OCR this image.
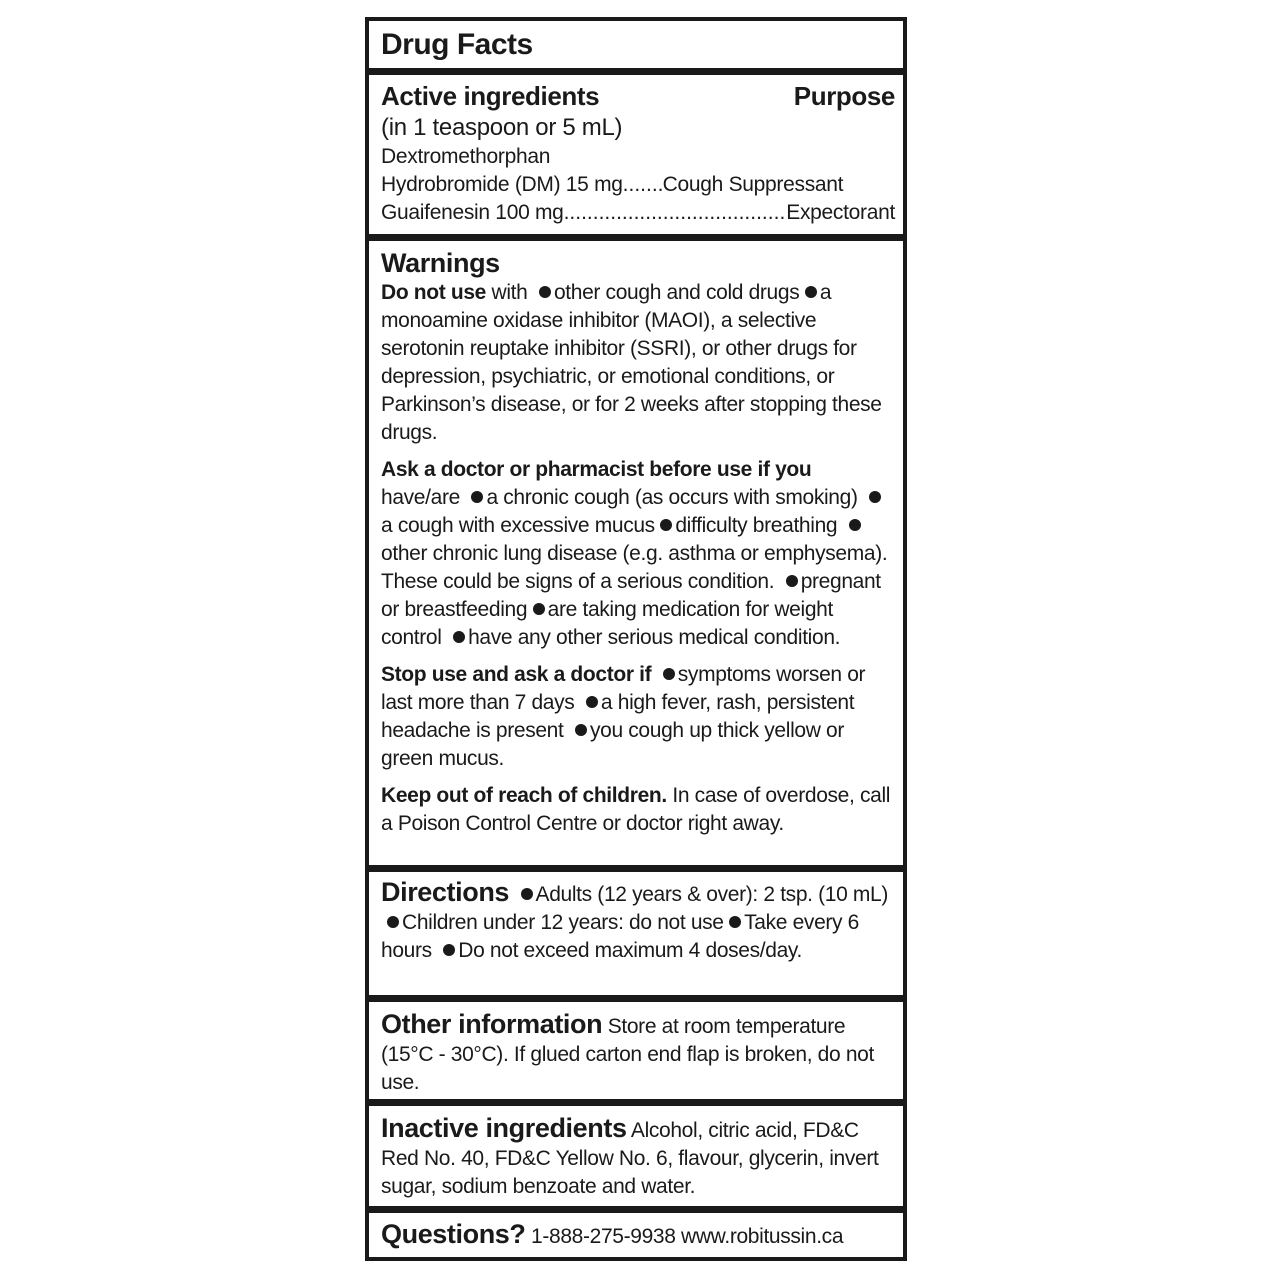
Drug Facts
Active ingredients	Purpose
(in 1 teaspoon or 5 mL)
Dextromethorphan
Hydrobromide (DM) 15 mg ..... Cough Suppressant
Guaifenesin 100 mg .....	Expectorant
Warnings

Do not use with other cough and cold drugs a monoamine oxidase inhibitor (MAOI), a selective serotonin reuptake inhibitor (SSRI), or other drugs for depression, psychiatric, or emotional conditions, or Parkinson’s disease, or for 2 weeks after stopping these drugs.

Ask a doctor or pharmacist before use if you have/are a chronic cough (as occurs with smoking) a cough with excessive mucus difficulty breathing other chronic lung disease (e.g. asthma or emphysema). These could be signs of a serious condition. pregnant or breastfeeding are taking medication for weight control have any other serious medical condition.

Stop use and ask a doctor if symptoms worsen or last more than 7 days a high fever, rash, persistent headache is present you cough up thick yellow or green mucus.

Keep out of reach of children. In case of overdose, call a Poison Control Centre or doctor right away.

Directions Adults (12 years & over): 2 tsp. (10 mL) Children under 12 years: do not use Take every 6 hours Do not exceed maximum 4 doses/day.

Other information Store at room temperature (15°C - 30°C). If glued carton end flap is broken, do not use.

Inactive ingredients Alcohol, citric acid, FD&C Red No. 40, FD&C Yellow No. 6, flavour, glycerin, invert sugar, sodium benzoate and water.

Questions? 1-888-275-9938 www.robitussin.ca
